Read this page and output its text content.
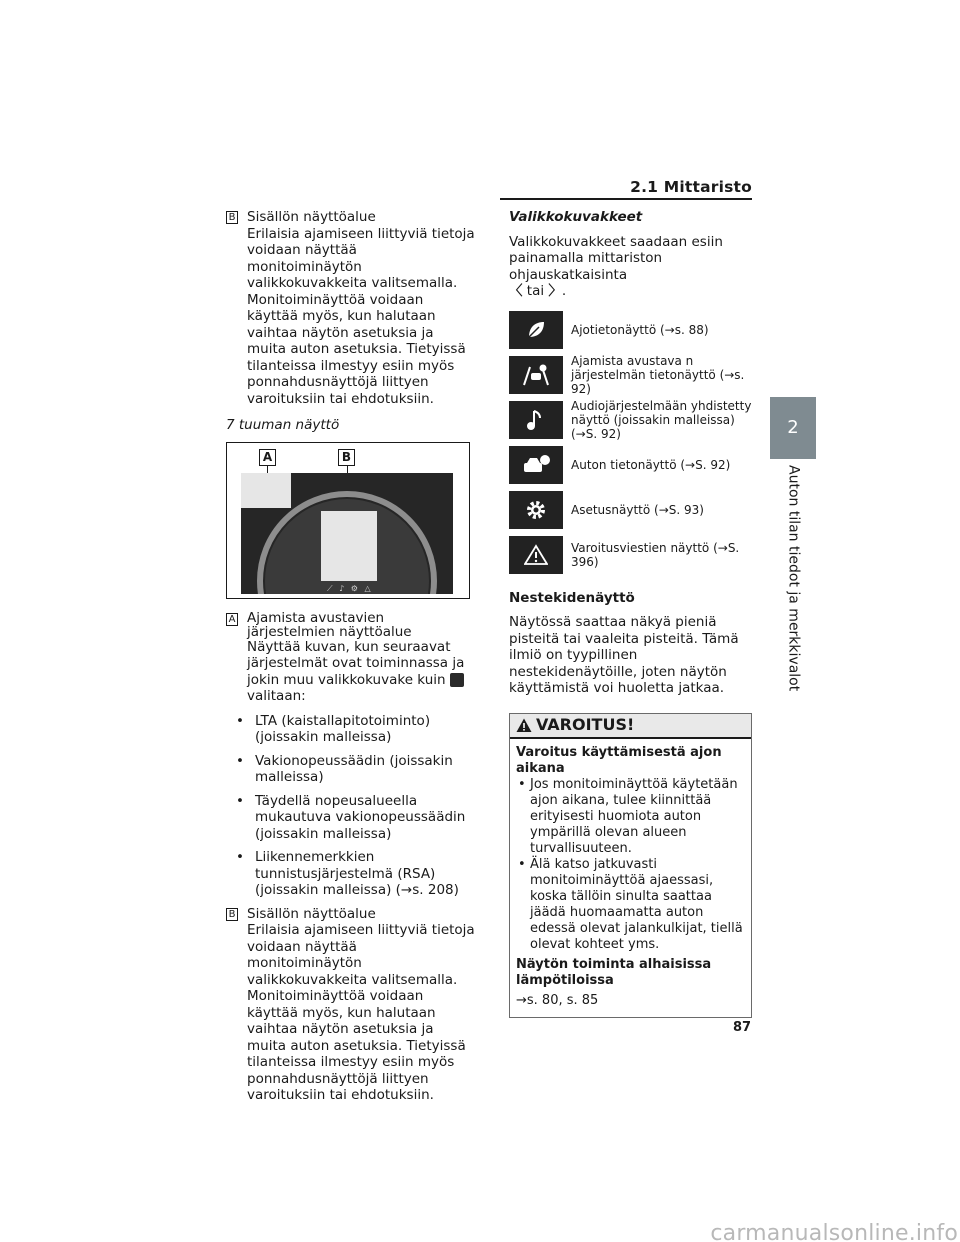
2.1 Mittaristo
2
Auton tilan tiedot ja merkkivalot
B Sisällön näyttöalue

Erilaisia ajamiseen liittyviä tietoja voidaan näyttää monitoiminäytön valikkokuvakkeita valitsemalla. Monitoiminäyttöä voidaan käyttää myös, kun halutaan vaihtaa näytön asetuksia ja muita auton asetuksia. Tietyissä tilanteissa ilmestyy esiin myös ponnahdusnäyttöjä liittyen varoituksiin tai ehdotuksiin.

7 tuuman näyttö

A	B
⟋ ♪ ⚙ △
A Ajamista avustavien järjestelmien näyttöalue

Näyttää kuvan, kun seuraavat järjestelmät ovat toiminnassa ja jokin muu valikkokuvake kuinvalitaan:

• LTA (kaistallapitotoiminto) (joissakin malleissa)
• Vakionopeussäädin (joissakin malleissa)
• Täydellä nopeusalueella mukautuva vakionopeussäädin (joissakin malleissa)
• Liikennemerkkien tunnistusjärjestelmä (RSA) (joissakin malleissa) (→s. 208)
B Sisällön näyttöalue

Erilaisia ajamiseen liittyviä tietoja voidaan näyttää monitoiminäytön valikkokuvakkeita valitsemalla. Monitoiminäyttöä voidaan käyttää myös, kun halutaan vaihtaa näytön asetuksia ja muita auton asetuksia. Tietyissä tilanteissa ilmestyy esiin myös ponnahdusnäyttöjä liittyen varoituksiin tai ehdotuksiin.

Valikkokuvakkeet

Valikkokuvakkeet saadaan esiin painamalla mittariston ohjauskatkaisinta

〈 tai 〉.

Ajotietonäyttö (→s. 88)
Ajamista avustava n järjestelmän tietonäyttö (→s. 92)
Audiojärjestelmään yhdistetty näyttö (joissakin malleissa) (→S. 92)
Auton tietonäyttö (→S. 92)
Asetusnäyttö (→S. 93)
Varoitusviestien näyttö (→S. 396)

Nestekidenäyttö

Näytössä saattaa näkyä pieniä pisteitä tai vaaleita pisteitä. Tämä ilmiö on tyypillinen nestekidenäytöille, joten näytön käyttämistä voi huoletta jatkaa.

VAROITUS!

Varoitus käyttämisestä ajon aikana

• Jos monitoiminäyttöä käytetään ajon aikana, tulee kiinnittää erityisesti huomiota auton ympärillä olevan alueen turvallisuuteen.

• Älä katso jatkuvasti monitoiminäyttöä ajaessasi, koska tällöin sinulta saattaa jäädä huomaamatta auton edessä olevat jalankulkijat, tiellä olevat kohteet yms.

Näytön toiminta alhaisissa lämpötiloissa

→s. 80, s. 85

87
carmanualsonline.info
